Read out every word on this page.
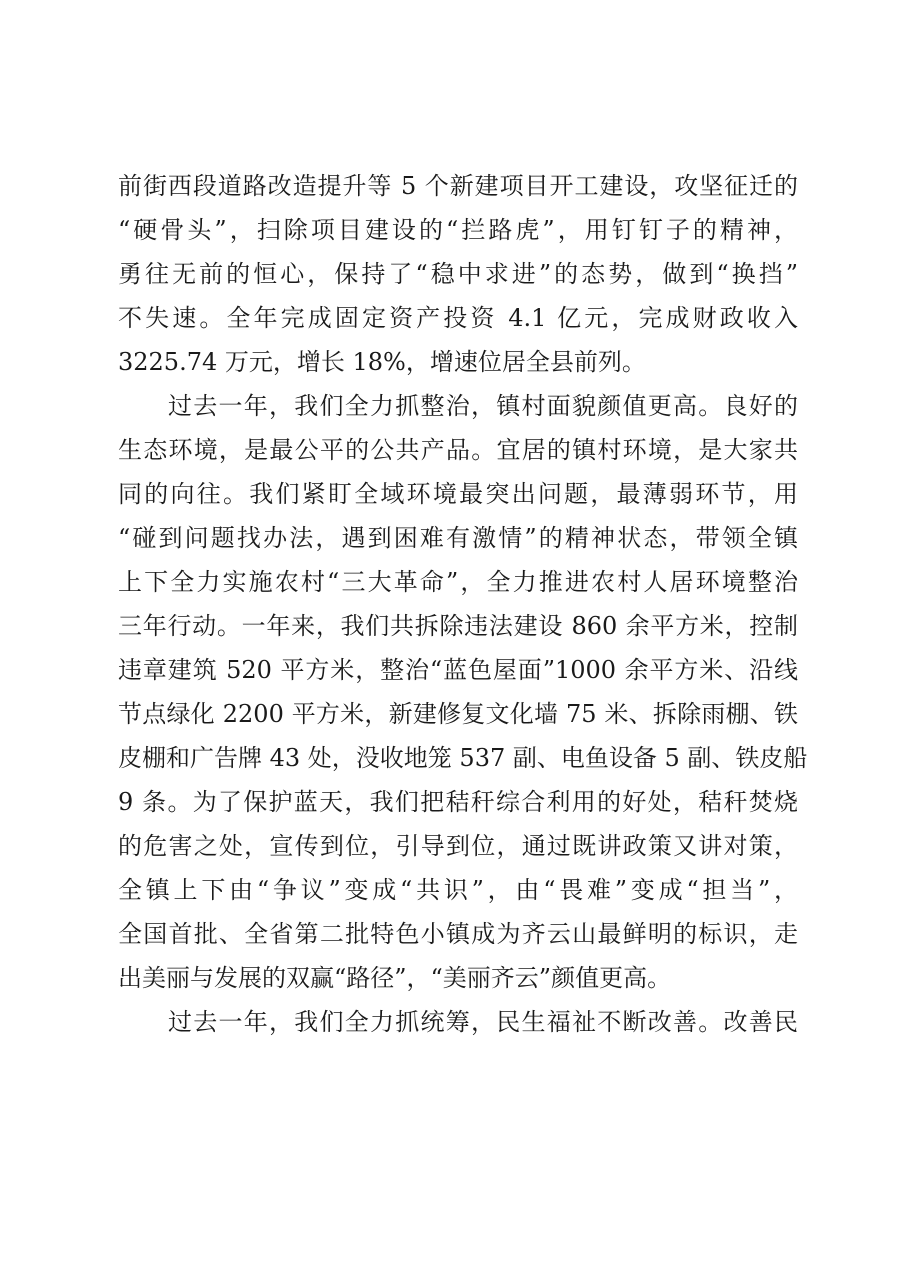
前街西段道路改造提升等 5 个新建项目开工建设，攻坚征迁的
“硬骨头”，扫除项目建设的“拦路虎”，用钉钉子的精神，
勇往无前的恒心，保持了“稳中求进”的态势，做到“换挡”
不失速。全年完成固定资产投资 4.1 亿元，完成财政收入
3225.74 万元，增长 18%，增速位居全县前列。
过去一年，我们全力抓整治，镇村面貌颜值更高。良好的
生态环境，是最公平的公共产品。宜居的镇村环境，是大家共
同的向往。我们紧盯全域环境最突出问题，最薄弱环节，用
“碰到问题找办法，遇到困难有激情”的精神状态，带领全镇
上下全力实施农村“三大革命”，全力推进农村人居环境整治
三年行动。一年来，我们共拆除违法建设 860 余平方米，控制
违章建筑 520 平方米，整治“蓝色屋面”1000 余平方米、沿线
节点绿化 2200 平方米，新建修复文化墙 75 米、拆除雨棚、铁
皮棚和广告牌 43 处，没收地笼 537 副、电鱼设备 5 副、铁皮船
9 条。为了保护蓝天，我们把秸秆综合利用的好处，秸秆焚烧
的危害之处，宣传到位，引导到位，通过既讲政策又讲对策，
全镇上下由“争议”变成“共识”，由“畏难”变成“担当”，
全国首批、全省第二批特色小镇成为齐云山最鲜明的标识，走
出美丽与发展的双赢“路径”，“美丽齐云”颜值更高。
过去一年，我们全力抓统筹，民生福祉不断改善。改善民
